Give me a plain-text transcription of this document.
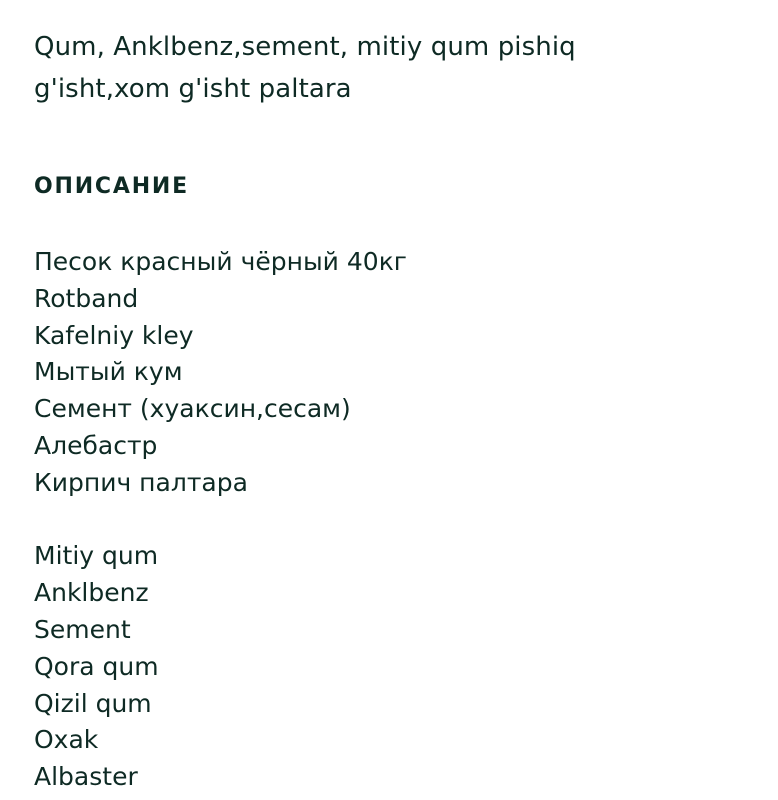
Qum, Anklbenz,sement, mitiy qum pishiq
g'isht,xom g'isht paltara
ОПИСАНИЕ
Песок красный чёрный 40кг
Rotband
Kafelniy kley
Мытый кум
Семент (хуаксин,сесам)
Алебастр
Кирпич палтара
Mitiy qum
Anklbenz
Sement
Qora qum
Qizil qum
Oxak
Albaster
